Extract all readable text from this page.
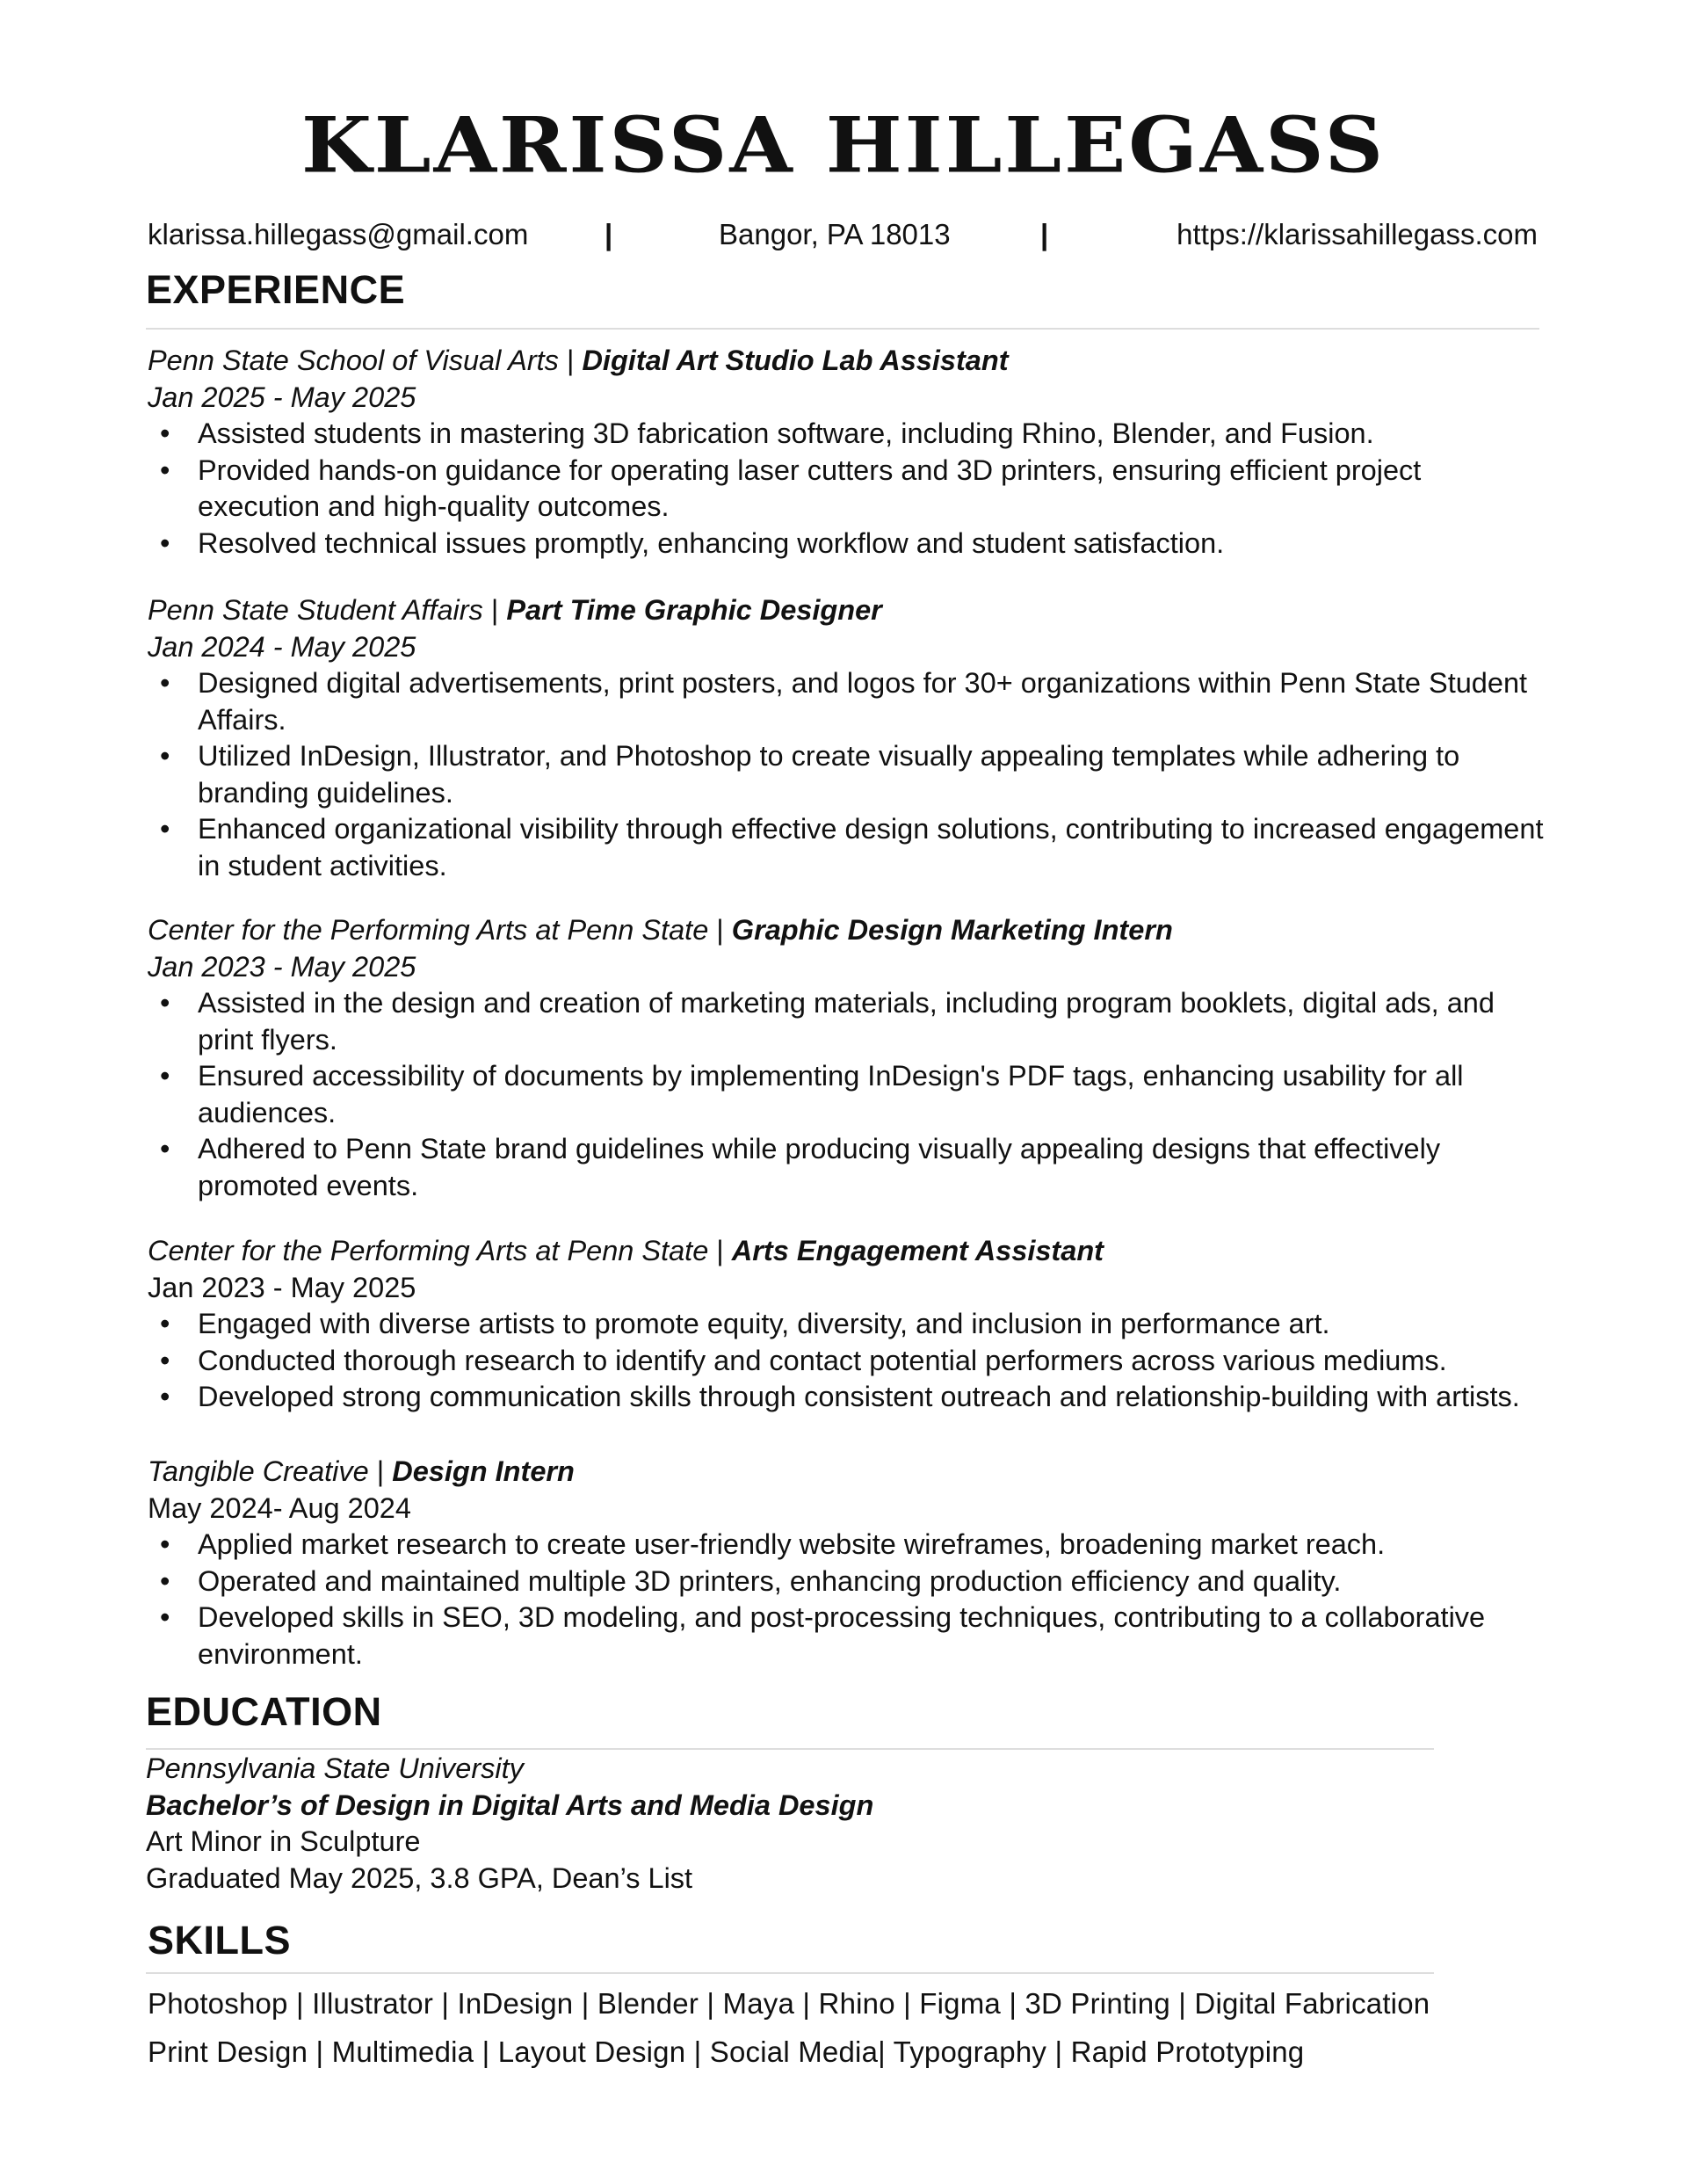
KLARISSA HILLEGASS
klarissa.hillegass@gmail.com	|	Bangor, PA 18013	|	https://klarissahillegass.com
EXPERIENCE
Penn State School of Visual Arts | Digital Art Studio Lab Assistant
Jan 2025 - May 2025
• Assisted students in mastering 3D fabrication software, including Rhino, Blender, and Fusion.
• Provided hands-on guidance for operating laser cutters and 3D printers, ensuring efficient project execution and high-quality outcomes.
• Resolved technical issues promptly, enhancing workflow and student satisfaction.
Penn State Student Affairs | Part Time Graphic Designer
Jan 2024 - May 2025
• Designed digital advertisements, print posters, and logos for 30+ organizations within Penn State Student Affairs.
• Utilized InDesign, Illustrator, and Photoshop to create visually appealing templates while adhering to branding guidelines.
• Enhanced organizational visibility through effective design solutions, contributing to increased engagement in student activities.
Center for the Performing Arts at Penn State | Graphic Design Marketing Intern
Jan 2023 - May 2025
• Assisted in the design and creation of marketing materials, including program booklets, digital ads, and print flyers.
• Ensured accessibility of documents by implementing InDesign's PDF tags, enhancing usability for all audiences.
• Adhered to Penn State brand guidelines while producing visually appealing designs that effectively promoted events.
Center for the Performing Arts at Penn State | Arts Engagement Assistant
Jan 2023 - May 2025
• Engaged with diverse artists to promote equity, diversity, and inclusion in performance art.
• Conducted thorough research to identify and contact potential performers across various mediums.
• Developed strong communication skills through consistent outreach and relationship-building with artists.
Tangible Creative | Design Intern
May 2024- Aug 2024
• Applied market research to create user-friendly website wireframes, broadening market reach.
• Operated and maintained multiple 3D printers, enhancing production efficiency and quality.
• Developed skills in SEO, 3D modeling, and post-processing techniques, contributing to a collaborative environment.
EDUCATION
Pennsylvania State University
Bachelor’s of Design in Digital Arts and Media Design
Art Minor in Sculpture
Graduated May 2025, 3.8 GPA, Dean’s List
SKILLS
Photoshop | Illustrator | InDesign | Blender | Maya | Rhino | Figma | 3D Printing | Digital Fabrication
Print Design | Multimedia | Layout Design | Social Media| Typography | Rapid Prototyping
